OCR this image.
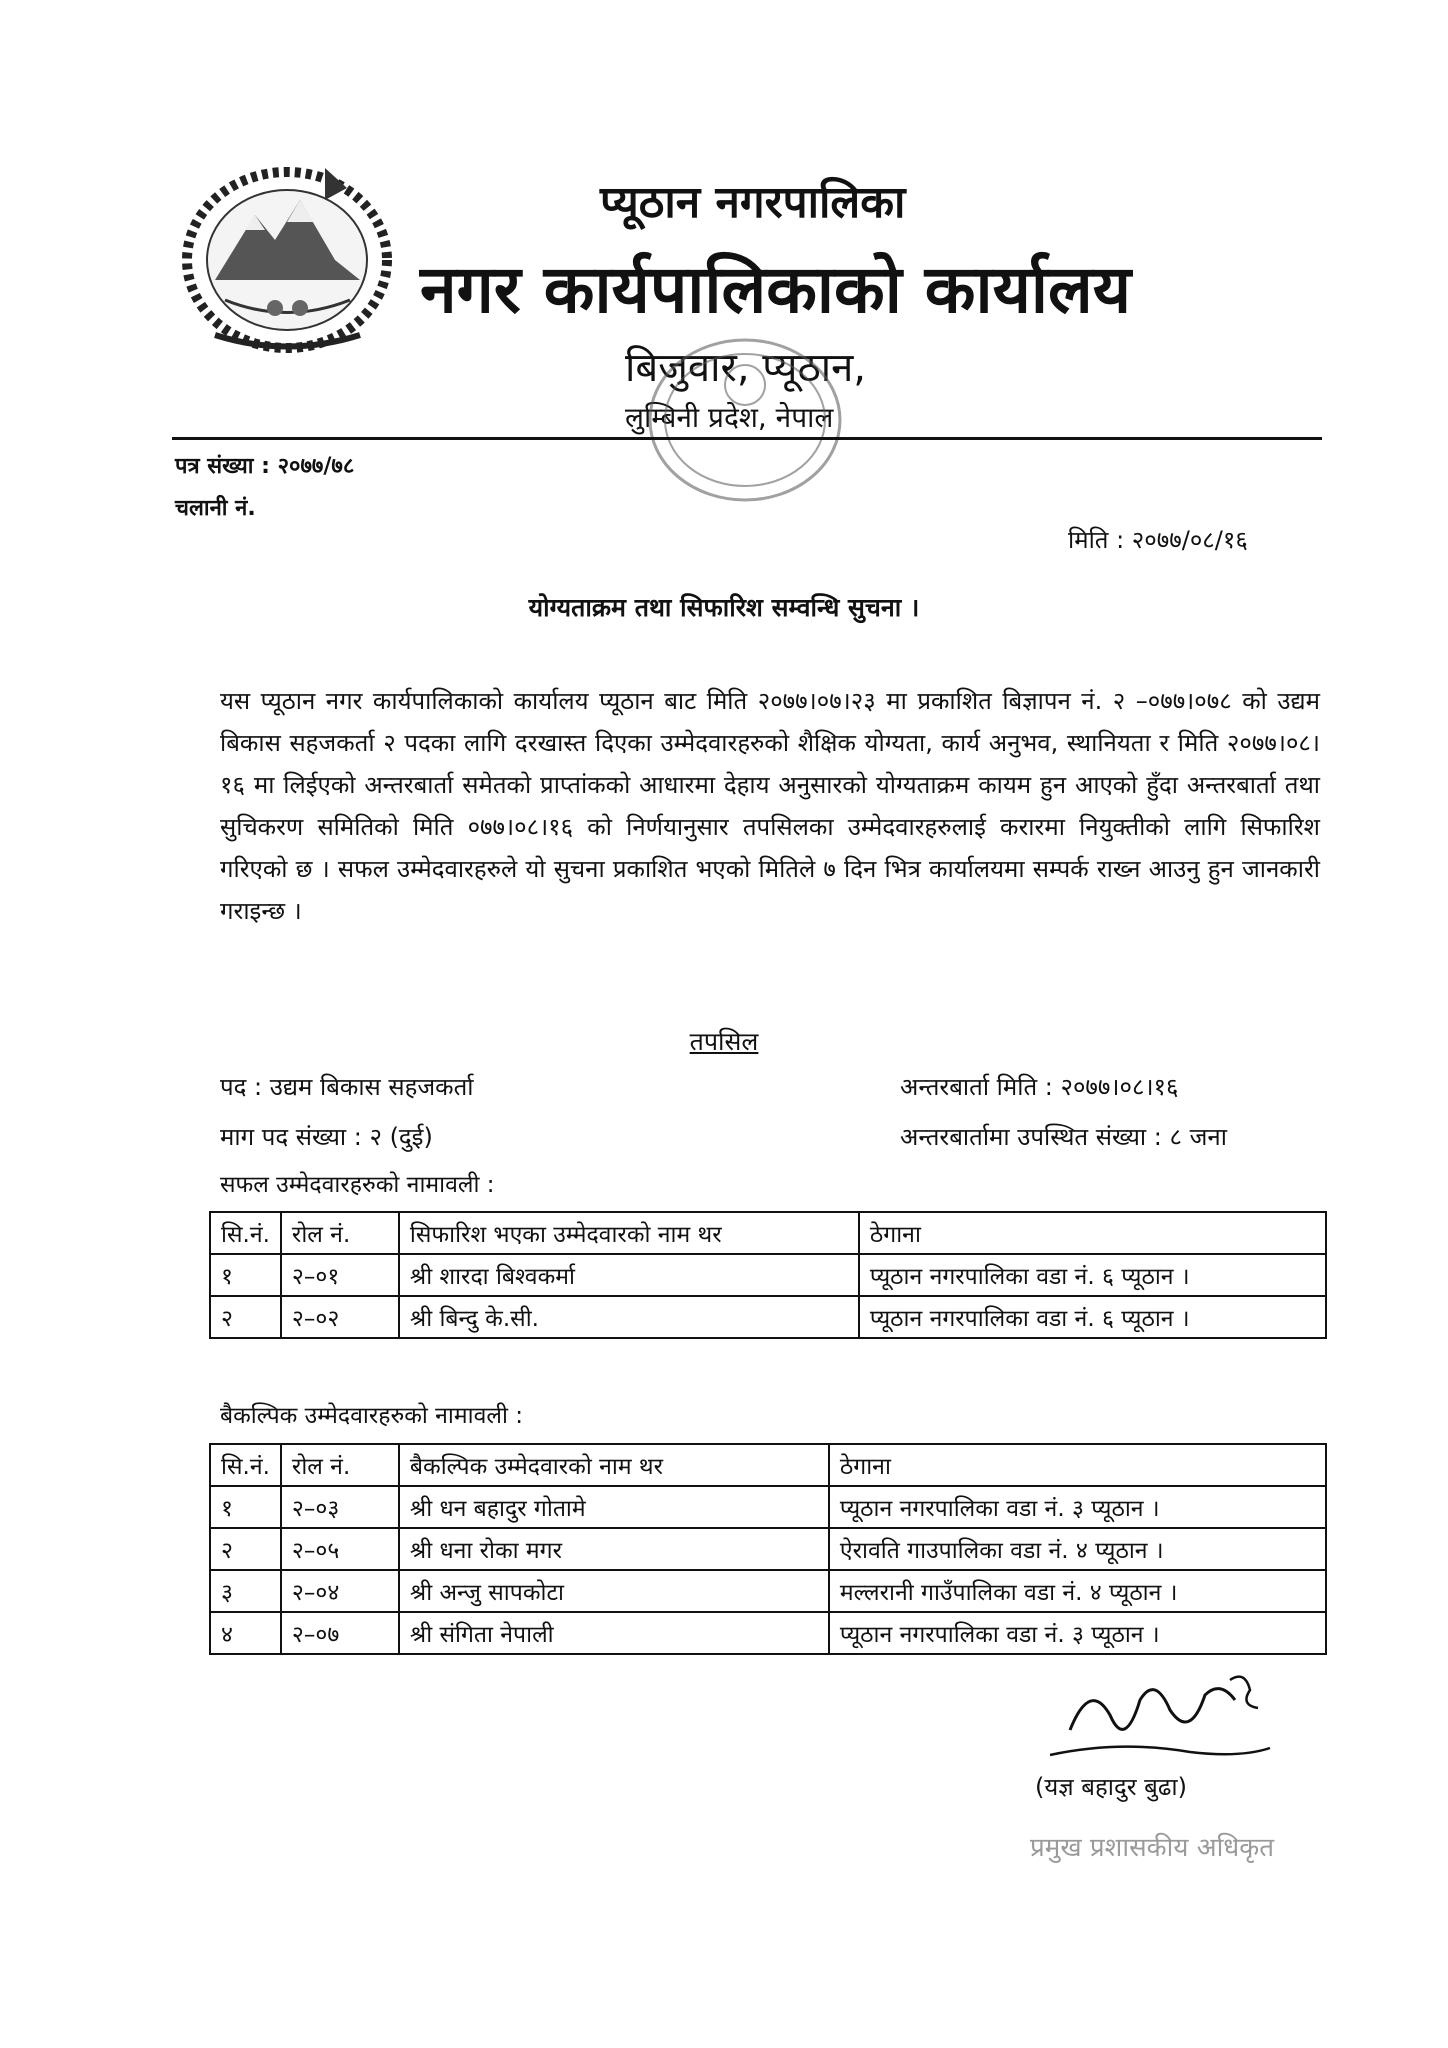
प्यूठान नगरपालिका
नगर कार्यपालिकाको कार्यालय
बिजुवार, प्यूठान,
लुम्बिनी प्रदेश, नेपाल
पत्र संख्या : २०७७/७८
चलानी नं.
मिति : २०७७/०८/१६
योग्यताक्रम तथा सिफारिश सम्वन्धि सुचना ।
यस प्यूठान नगर कार्यपालिकाको कार्यालय प्यूठान बाट मिति २०७७।०७।२३ मा प्रकाशित बिज्ञापन नं. २ –०७७।०७८ को उद्यम बिकास सहजकर्ता २ पदका लागि दरखास्त दिएका उम्मेदवारहरुको शैक्षिक योग्यता, कार्य अनुभव, स्थानियता र मिति २०७७।०८।१६ मा लिईएको अन्तरबार्ता समेतको प्राप्तांकको आधारमा देहाय अनुसारको योग्यताक्रम कायम हुन आएको हुँदा अन्तरबार्ता तथा सुचिकरण समितिको मिति ०७७।०८।१६ को निर्णयानुसार तपसिलका उम्मेदवारहरुलाई करारमा नियुक्तीको लागि सिफारिश गरिएको छ । सफल उम्मेदवारहरुले यो सुचना प्रकाशित भएको मितिले ७ दिन भित्र कार्यालयमा सम्पर्क राख्न आउनु हुन जानकारी गराइन्छ ।
तपसिल
पद : उद्यम बिकास सहजकर्ता	अन्तरबार्ता मिति : २०७७।०८।१६
माग पद संख्या : २ (दुई)	अन्तरबार्तामा उपस्थित संख्या : ८ जना
सफल उम्मेदवारहरुको नामावली :
सि.नं.	रोल नं.	सिफारिश भएका उम्मेदवारको नाम थर	ठेगाना
१	२–०१	श्री शारदा बिश्वकर्मा	प्यूठान नगरपालिका वडा नं. ६ प्यूठान ।
२	२–०२	श्री बिन्दु के.सी.	प्यूठान नगरपालिका वडा नं. ६ प्यूठान ।
बैकल्पिक उम्मेदवारहरुको नामावली :
सि.नं.	रोल नं.	बैकल्पिक उम्मेदवारको नाम थर	ठेगाना
१	२–०३	श्री धन बहादुर गोतामे	प्यूठान नगरपालिका वडा नं. ३ प्यूठान ।
२	२–०५	श्री धना रोका मगर	ऐरावति गाउपालिका वडा नं. ४ प्यूठान ।
३	२–०४	श्री अन्जु सापकोटा	मल्लरानी गाउँपालिका वडा नं. ४ प्यूठान ।
४	२–०७	श्री संगिता नेपाली	प्यूठान नगरपालिका वडा नं. ३ प्यूठान ।
(यज्ञ बहादुर बुढा)
प्रमुख प्रशासकीय अधिकृत
